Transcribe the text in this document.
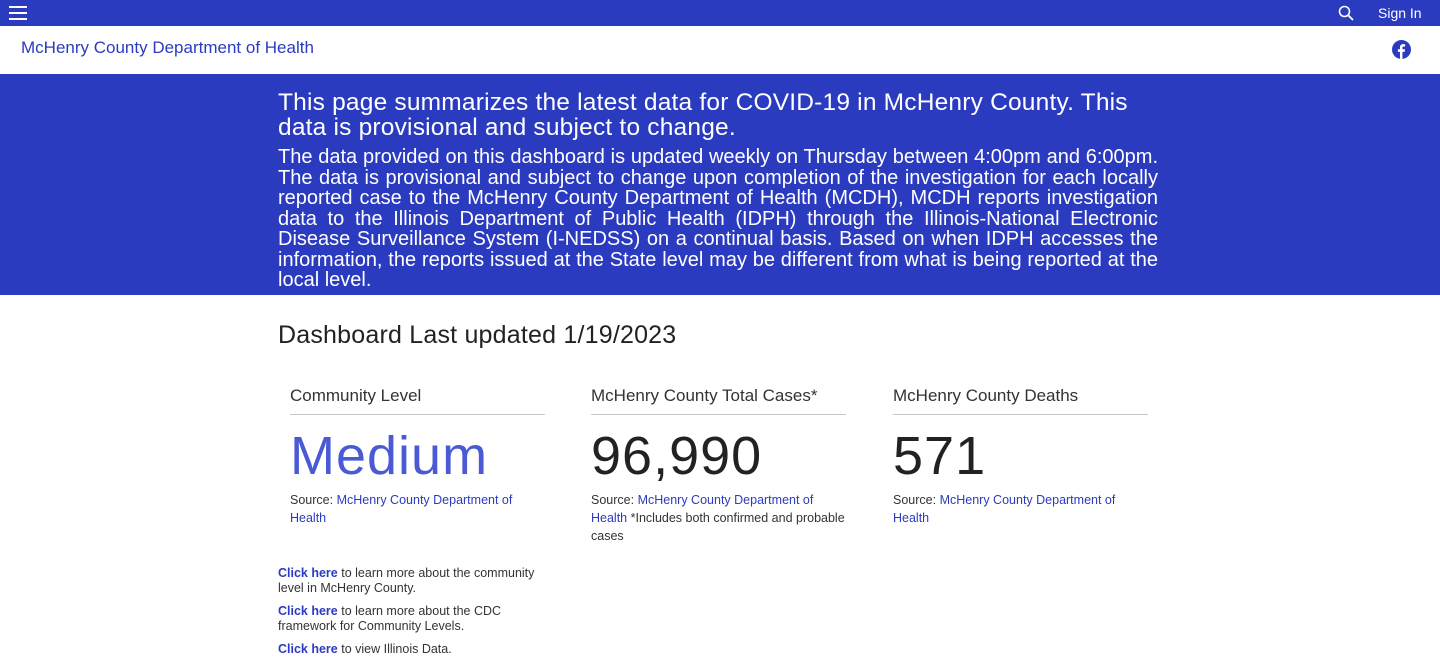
Sign In
McHenry County Department of Health
This page summarizes the latest data for COVID-19 in McHenry County. This data is provisional and subject to change.
The data provided on this dashboard is updated weekly on Thursday between 4:00pm and 6:00pm. The data is provisional and subject to change upon completion of the investigation for each locally reported case to the McHenry County Department of Health (MCDH), MCDH reports investigation data to the Illinois Department of Public Health (IDPH) through the Illinois-National Electronic Disease Surveillance System (I-NEDSS) on a continual basis. Based on when IDPH accesses the information, the reports issued at the State level may be different from what is being reported at the local level.
Dashboard Last updated 1/19/2023
Community Level
Medium
Source: McHenry County Department of Health
McHenry County Total Cases*
96,990
Source: McHenry County Department of Health *Includes both confirmed and probable cases
McHenry County Deaths
571
Source: McHenry County Department of Health
Click here to learn more about the community level in McHenry County.
Click here to learn more about the CDC framework for Community Levels.
Click here to view Illinois Data.
